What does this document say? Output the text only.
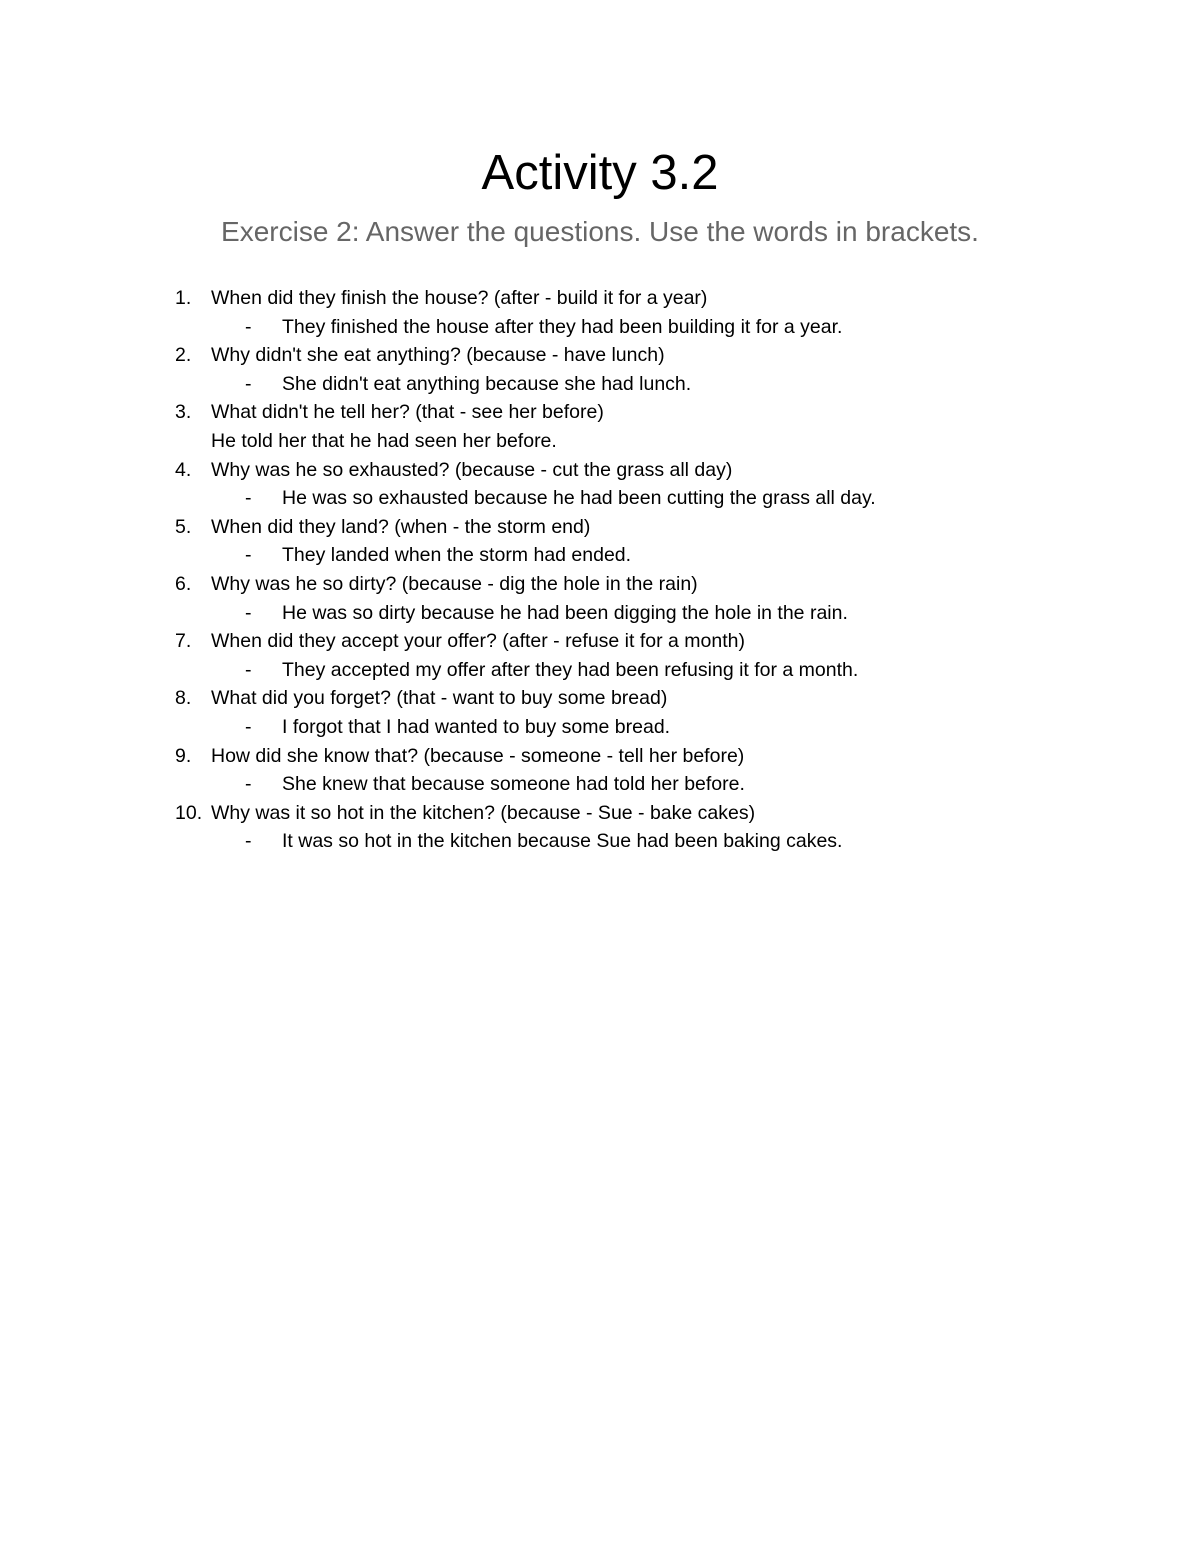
Activity 3.2
Exercise 2: Answer the questions. Use the words in brackets.
1. When did they finish the house? (after - build it for a year)
- They finished the house after they had been building it for a year.
2. Why didn't she eat anything? (because - have lunch)
- She didn't eat anything because she had lunch.
3. What didn't he tell her? (that - see her before)
He told her that he had seen her before.
4. Why was he so exhausted? (because - cut the grass all day)
- He was so exhausted because he had been cutting the grass all day.
5. When did they land? (when - the storm end)
- They landed when the storm had ended.
6. Why was he so dirty? (because - dig the hole in the rain)
- He was so dirty because he had been digging the hole in the rain.
7. When did they accept your offer? (after - refuse it for a month)
- They accepted my offer after they had been refusing it for a month.
8. What did you forget? (that - want to buy some bread)
- I forgot that I had wanted to buy some bread.
9. How did she know that? (because - someone - tell her before)
- She knew that because someone had told her before.
10. Why was it so hot in the kitchen? (because - Sue - bake cakes)
- It was so hot in the kitchen because Sue had been baking cakes.
